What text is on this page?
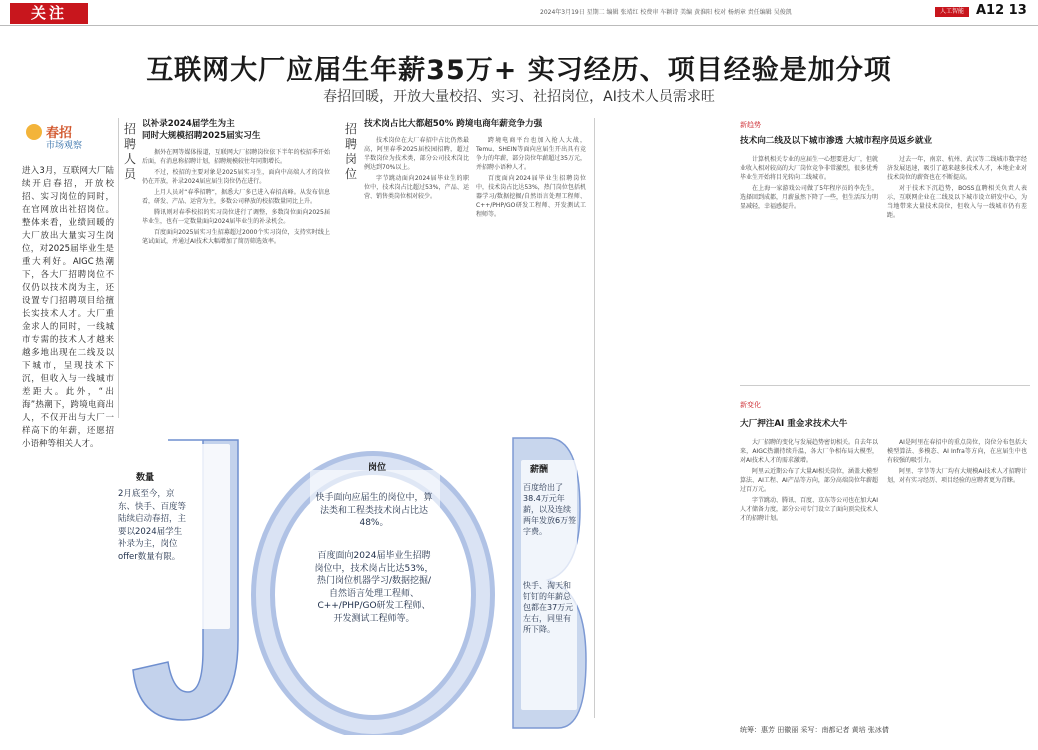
关注	2024年3月19日 星期二 编辑 张靖红 校费审 车颖诗 美编 黄淮阳 校对 杨炳章 责任编辑 吴俊凯	人工智能 A12 13
互联网大厂应届生年薪35万+ 实习经历、项目经验是加分项
春招回暖，开放大量校招、实习、社招岗位，AI技术人员需求旺
春招
市场观察
进入3月，互联网大厂陆续开启春招，开放校招、实习岗位的同时，在官网放出社招岗位。整体来看，业绩回暖的大厂放出大量实习生岗位，对2025届毕业生是重大利好。AIGC热潮下，各大厂招聘岗位不仅仍以技术岗为主，还设置专门招聘项目给擅长实技术人才。大厂重金求人的同时，一线城市专需的技术人才越来越多地出现在二线及以下城市，呈现技术下沉，但收入与一线城市差距大。此外，“出海”热潮下，跨境电商出人，不仅开出与大厂一样高下的年薪，还愿招小语种等相关人才。
招聘人员
以补录2024届学生为主
同时大规模招聘2025届实习生

据外在网等媒体报道，互联网大厂招聘岗位依下半年的校招季开始后面，有消息称招聘计划，招聘规模较往年同期增长。

不过，校招的主要对象是2025届实习生，面向中高端人才的岗位仍在开放，补录2024届应届生岗位仍在进行。

上月人员对“春季招聘”，据悉大厂多已进入春招高峰。从发布信息看，研发、产品、运营为主，多数公司释放的校招数量同比上升。

腾讯则对春季校招的实习岗位进行了调整，多数岗位面向2025届毕业生，也有一定数量面向2024届毕业生的补录机会。

百度面向2025届实习生招募超过2000个实习岗位，支持实时线上笔试面试，并通过AI技术大幅增加了简历筛选效率。

招聘岗位
技术岗占比大都超50% 跨境电商年薪竞争力强

技术岗位在大厂春招中占比仍然最高，阿里春季2025届校园招聘，超过半数岗位为技术类，部分公司技术岗比例达到70%以上。

字节跳动面向2024届毕业生的职位中，技术岗占比超过53%，产品、运营、销售类岗位相对较少。

跨境电商平台也加入抢人大战，Temu、SHEIN等面向应届生开出具有竞争力的年薪，部分岗位年薪超过35万元，并招聘小语种人才。

百度面向2024届毕业生招聘岗位中，技术岗占比达53%，热门岗位包括机器学习/数据挖掘/自然语言处理工程师、C++/PHP/GO研发工程师、开发测试工程师等。

新趋势
技术向二线及以下城市渗透 大城市程序员返乡就业

计算机相关专业的应届生一心想要进大厂，但就业收入相对较高的大厂岗位竞争非常激烈，很多优秀毕业生开始将目光转向二线城市。

在上海一家游戏公司做了5年程序员的李先生，选择回到成都，月薪虽然下降了一些，但生活压力明显减轻，幸福感提升。

过去一年，南京、杭州、武汉等二线城市数字经济发展迅速，吸引了越来越多技术人才，本地企业对技术岗位的薪资也在不断提高。

对于技术下沉趋势，BOSS直聘相关负责人表示，互联网企业在二线及以下城市设立研发中心，为当地带来大量技术岗位，但收入与一线城市仍有差距。

新变化
大厂押注AI 重金求技术大牛

大厂招聘的变化与发展趋势密切相关。自去年以来，AIGC热潮持续升温，各大厂争相布局大模型，对AI技术人才的需求激增。

阿里云近期公布了大量AI相关岗位，涵盖大模型算法、AI工程、AI产品等方向，部分高端岗位年薪超过百万元。

字节跳动、腾讯、百度、京东等公司也在加大AI人才储备力度，部分公司专门设立了面向顶尖技术人才的招聘计划。

AI是阿里在春招中的重点岗位，岗位分布包括大模型算法、多模态、AI Infra等方向，在应届生中也有较强的吸引力。

阿里、字节等大厂均有大规模AI技术人才招聘计划，对有实习经历、项目经验的应聘者更为青睐。

数量
2月底至今，京东、快手、百度等陆续启动春招，主要以2024届学生补录为主，岗位offer数量有限。
岗位
快手面向应届生的岗位中，算法类和工程类技术岗占比达48%。
百度面向2024届毕业生招聘岗位中，技术岗占比达53%，热门岗位机器学习/数据挖掘/自然语言处理工程师、C++/PHP/GO研发工程师、开发测试工程师等。
薪酬
百度给出了38.4万元年薪，以及连续两年发放6万签字费。
快手、淘天和钉钉的年薪总包都在37万元左右，同里有所下降。
统筹：惠芳 田徽丽 采写：南都记者 黄培 张冰倩
